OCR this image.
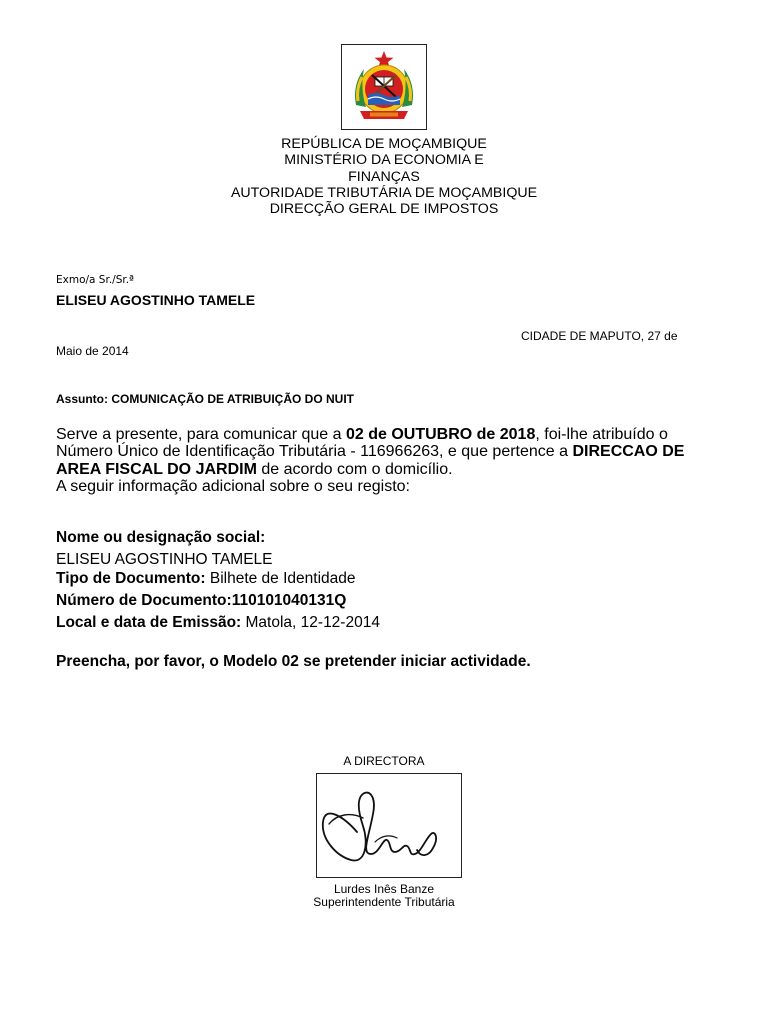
REPÚBLICA DE MOÇAMBIQUE
MINISTÉRIO DA ECONOMIA E
FINANÇAS
AUTORIDADE TRIBUTÁRIA DE MOÇAMBIQUE
DIRECÇÃO GERAL DE IMPOSTOS
Exmo/a Sr./Sr.ª
ELISEU AGOSTINHO TAMELE
CIDADE DE MAPUTO, 27 de
Maio de 2014
Assunto: COMUNICAÇÃO DE ATRIBUIÇÃO DO NUIT
Serve a presente, para comunicar que a 02 de OUTUBRO de 2018, foi-lhe atribuído o Número Único de Identificação Tributária - 116966263, e que pertence a DIRECCAO DE AREA FISCAL DO JARDIM de acordo com o domicílio.
A seguir informação adicional sobre o seu registo:
Nome ou designação social:
ELISEU AGOSTINHO TAMELE
Tipo de Documento: Bilhete de Identidade
Número de Documento:110101040131Q
Local e data de Emissão: Matola, 12-12-2014
Preencha, por favor, o Modelo 02 se pretender iniciar actividade.
A DIRECTORA
Lurdes Inês Banze
Superintendente Tributária
